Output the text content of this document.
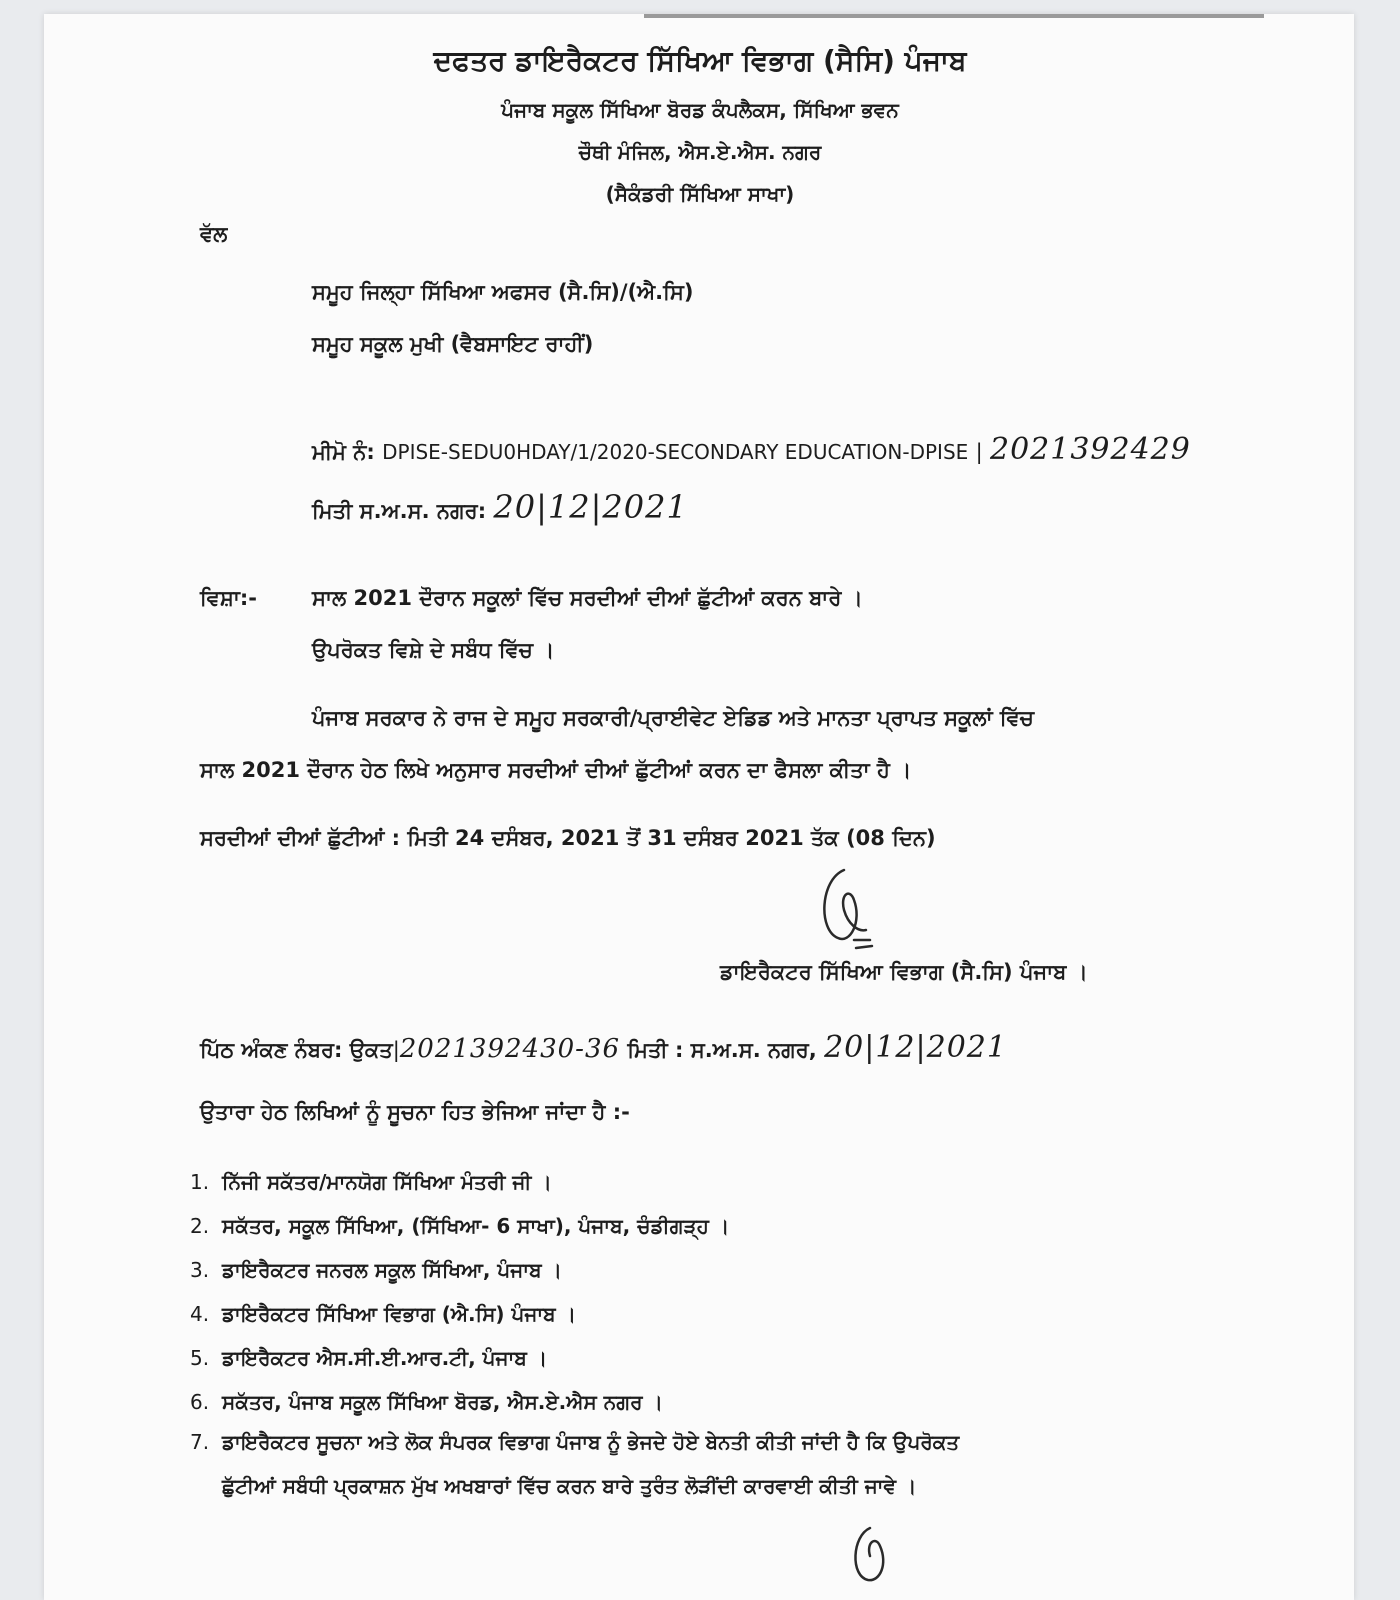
ਦਫਤਰ ਡਾਇਰੈਕਟਰ ਸਿੱਖਿਆ ਵਿਭਾਗ (ਸੈਸਿ) ਪੰਜਾਬ
ਪੰਜਾਬ ਸਕੂਲ ਸਿੱਖਿਆ ਬੋਰਡ ਕੰਪਲੈਕਸ, ਸਿੱਖਿਆ ਭਵਨ
ਚੌਥੀ ਮੰਜਿਲ, ਐਸ.ਏ.ਐਸ. ਨਗਰ
(ਸੈਕੰਡਰੀ ਸਿੱਖਿਆ ਸਾਖਾ)
ਵੱਲ
ਸਮੂਹ ਜਿਲ੍ਹਾ ਸਿੱਖਿਆ ਅਫਸਰ (ਸੈ.ਸਿ)/(ਐ.ਸਿ)
ਸਮੂਹ ਸਕੂਲ ਮੁਖੀ (ਵੈਬਸਾਇਟ ਰਾਹੀਂ)
ਮੀਮੋ ਨੰ: DPISE-SEDU0HDAY/1/2020-SECONDARY EDUCATION-DPISE | 2021392429
ਮਿਤੀ ਸ.ਅ.ਸ. ਨਗਰ: 20|12|2021
ਵਿਸ਼ਾ:-	ਸਾਲ 2021 ਦੌਰਾਨ ਸਕੂਲਾਂ ਵਿੱਚ ਸਰਦੀਆਂ ਦੀਆਂ ਛੁੱਟੀਆਂ ਕਰਨ ਬਾਰੇ ।
ਉਪਰੋਕਤ ਵਿਸ਼ੇ ਦੇ ਸਬੰਧ ਵਿੱਚ ।
ਪੰਜਾਬ ਸਰਕਾਰ ਨੇ ਰਾਜ ਦੇ ਸਮੂਹ ਸਰਕਾਰੀ/ਪ੍ਰਾਈਵੇਟ ਏਡਿਡ ਅਤੇ ਮਾਨਤਾ ਪ੍ਰਾਪਤ ਸਕੂਲਾਂ ਵਿੱਚ
ਸਾਲ 2021 ਦੌਰਾਨ ਹੇਠ ਲਿਖੇ ਅਨੁਸਾਰ ਸਰਦੀਆਂ ਦੀਆਂ ਛੁੱਟੀਆਂ ਕਰਨ ਦਾ ਫੈਸਲਾ ਕੀਤਾ ਹੈ ।
ਸਰਦੀਆਂ ਦੀਆਂ ਛੁੱਟੀਆਂ : ਮਿਤੀ 24 ਦਸੰਬਰ, 2021 ਤੋਂ 31 ਦਸੰਬਰ 2021 ਤੱਕ (08 ਦਿਨ)
ਡਾਇਰੈਕਟਰ ਸਿੱਖਿਆ ਵਿਭਾਗ (ਸੈ.ਸਿ) ਪੰਜਾਬ ।
ਪਿੱਠ ਅੰਕਣ ਨੰਬਰ: ਉਕਤ|2021392430-36 ਮਿਤੀ : ਸ.ਅ.ਸ. ਨਗਰ, 20|12|2021
ਉਤਾਰਾ ਹੇਠ ਲਿਖਿਆਂ ਨੂੰ ਸੂਚਨਾ ਹਿਤ ਭੇਜਿਆ ਜਾਂਦਾ ਹੈ :-
1. ਨਿੱਜੀ ਸਕੱਤਰ/ਮਾਨਯੋਗ ਸਿੱਖਿਆ ਮੰਤਰੀ ਜੀ ।
2. ਸਕੱਤਰ, ਸਕੂਲ ਸਿੱਖਿਆ, (ਸਿੱਖਿਆ- 6 ਸਾਖਾ), ਪੰਜਾਬ, ਚੰਡੀਗੜ੍ਹ ।
3. ਡਾਇਰੈਕਟਰ ਜਨਰਲ ਸਕੂਲ ਸਿੱਖਿਆ, ਪੰਜਾਬ ।
4. ਡਾਇਰੈਕਟਰ ਸਿੱਖਿਆ ਵਿਭਾਗ (ਐ.ਸਿ) ਪੰਜਾਬ ।
5. ਡਾਇਰੈਕਟਰ ਐਸ.ਸੀ.ਈ.ਆਰ.ਟੀ, ਪੰਜਾਬ ।
6. ਸਕੱਤਰ, ਪੰਜਾਬ ਸਕੂਲ ਸਿੱਖਿਆ ਬੋਰਡ, ਐਸ.ਏ.ਐਸ ਨਗਰ ।
7. ਡਾਇਰੈਕਟਰ ਸੂਚਨਾ ਅਤੇ ਲੋਕ ਸੰਪਰਕ ਵਿਭਾਗ ਪੰਜਾਬ ਨੂੰ ਭੇਜਦੇ ਹੋਏ ਬੇਨਤੀ ਕੀਤੀ ਜਾਂਦੀ ਹੈ ਕਿ ਉਪਰੋਕਤ
ਛੁੱਟੀਆਂ ਸਬੰਧੀ ਪ੍ਰਕਾਸ਼ਨ ਮੁੱਖ ਅਖਬਾਰਾਂ ਵਿੱਚ ਕਰਨ ਬਾਰੇ ਤੁਰੰਤ ਲੋੜੀਂਦੀ ਕਾਰਵਾਈ ਕੀਤੀ ਜਾਵੇ ।
